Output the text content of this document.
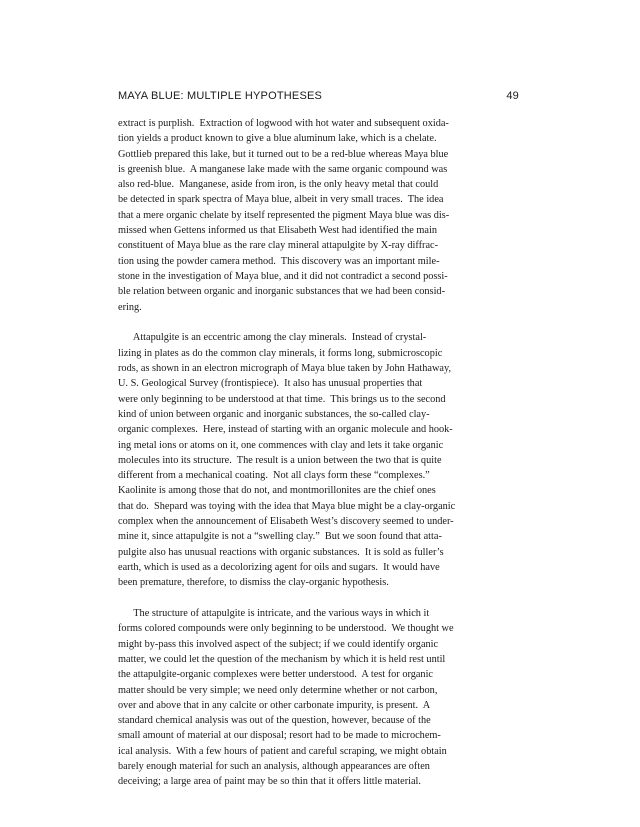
MAYA BLUE: MULTIPLE HYPOTHESES	49
extract is purplish.  Extraction of logwood with hot water and subsequent oxida-
tion yields a product known to give a blue aluminum lake, which is a chelate.
Gottlieb prepared this lake, but it turned out to be a red-blue whereas Maya blue
is greenish blue.  A manganese lake made with the same organic compound was
also red-blue.  Manganese, aside from iron, is the only heavy metal that could
be detected in spark spectra of Maya blue, albeit in very small traces.  The idea
that a mere organic chelate by itself represented the pigment Maya blue was dis-
missed when Gettens informed us that Elisabeth West had identified the main
constituent of Maya blue as the rare clay mineral attapulgite by X-ray diffrac-
tion using the powder camera method.  This discovery was an important mile-
stone in the investigation of Maya blue, and it did not contradict a second possi-
ble relation between organic and inorganic substances that we had been consid-
ering.
Attapulgite is an eccentric among the clay minerals.  Instead of crystal-
lizing in plates as do the common clay minerals, it forms long, submicroscopic
rods, as shown in an electron micrograph of Maya blue taken by John Hathaway,
U. S. Geological Survey (frontispiece).  It also has unusual properties that
were only beginning to be understood at that time.  This brings us to the second
kind of union between organic and inorganic substances, the so-called clay-
organic complexes.  Here, instead of starting with an organic molecule and hook-
ing metal ions or atoms on it, one commences with clay and lets it take organic
molecules into its structure.  The result is a union between the two that is quite
different from a mechanical coating.  Not all clays form these “complexes.”
Kaolinite is among those that do not, and montmorillonites are the chief ones
that do.  Shepard was toying with the idea that Maya blue might be a clay-organic
complex when the announcement of Elisabeth West’s discovery seemed to under-
mine it, since attapulgite is not a “swelling clay.”  But we soon found that atta-
pulgite also has unusual reactions with organic substances.  It is sold as fuller’s
earth, which is used as a decolorizing agent for oils and sugars.  It would have
been premature, therefore, to dismiss the clay-organic hypothesis.
The structure of attapulgite is intricate, and the various ways in which it
forms colored compounds were only beginning to be understood.  We thought we
might by-pass this involved aspect of the subject; if we could identify organic
matter, we could let the question of the mechanism by which it is held rest until
the attapulgite-organic complexes were better understood.  A test for organic
matter should be very simple; we need only determine whether or not carbon,
over and above that in any calcite or other carbonate impurity, is present.  A
standard chemical analysis was out of the question, however, because of the
small amount of material at our disposal; resort had to be made to microchem-
ical analysis.  With a few hours of patient and careful scraping, we might obtain
barely enough material for such an analysis, although appearances are often
deceiving; a large area of paint may be so thin that it offers little material.
